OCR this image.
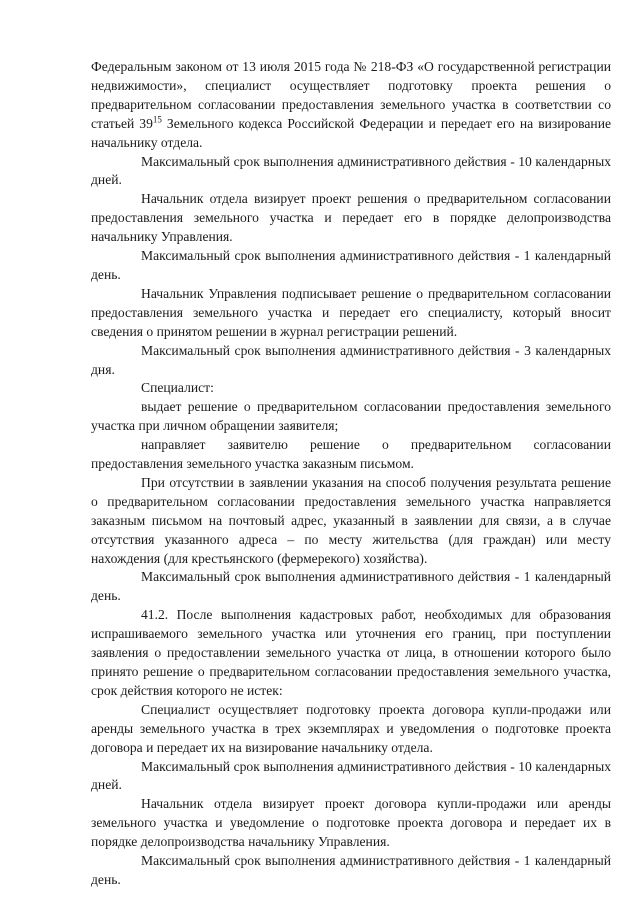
Федеральным законом от 13 июля 2015 года № 218-ФЗ «О государственной регистрации недвижимости», специалист осуществляет подготовку проекта решения о предварительном согласовании предоставления земельного участка в соответствии со статьей $39^{15}$ Земельного кодекса Российской Федерации и передает его на визирование начальнику отдела.

Максимальный срок выполнения административного действия - 10 календарных дней.

Начальник отдела визирует проект решения о предварительном согласовании предоставления земельного участка и передает его в порядке делопроизводства начальнику Управления.

Максимальный срок выполнения административного действия - 1 календарный день.

Начальник Управления подписывает решение о предварительном согласовании предоставления земельного участка и передает его специалисту, который вносит сведения о принятом решении в журнал регистрации решений.

Максимальный срок выполнения административного действия - 3 календарных дня.

Специалист:

выдает решение о предварительном согласовании предоставления земельного участка при личном обращении заявителя;

направляет заявителю решение о предварительном согласовании предоставления земельного участка заказным письмом.

При отсутствии в заявлении указания на способ получения результата решение о предварительном согласовании предоставления земельного участка направляется заказным письмом на почтовый адрес, указанный в заявлении для связи, а в случае отсутствия указанного адреса – по месту жительства (для граждан) или месту нахождения (для крестьянского (фермерекого) хозяйства).

Максимальный срок выполнения административного действия - 1 календарный день.

41.2. После выполнения кадастровых работ, необходимых для образования испрашиваемого земельного участка или уточнения его границ, при поступлении заявления о предоставлении земельного участка от лица, в отношении которого было принято решение о предварительном согласовании предоставления земельного участка, срок действия которого не истек:

Специалист осуществляет подготовку проекта договора купли-продажи или аренды земельного участка в трех экземплярах и уведомления о подготовке проекта договора и передает их на визирование начальнику отдела.

Максимальный срок выполнения административного действия - 10 календарных дней.

Начальник отдела визирует проект договора купли-продажи или аренды земельного участка и уведомление о подготовке проекта договора и передает их в порядке делопроизводства начальнику Управления.

Максимальный срок выполнения административного действия - 1 календарный день.
